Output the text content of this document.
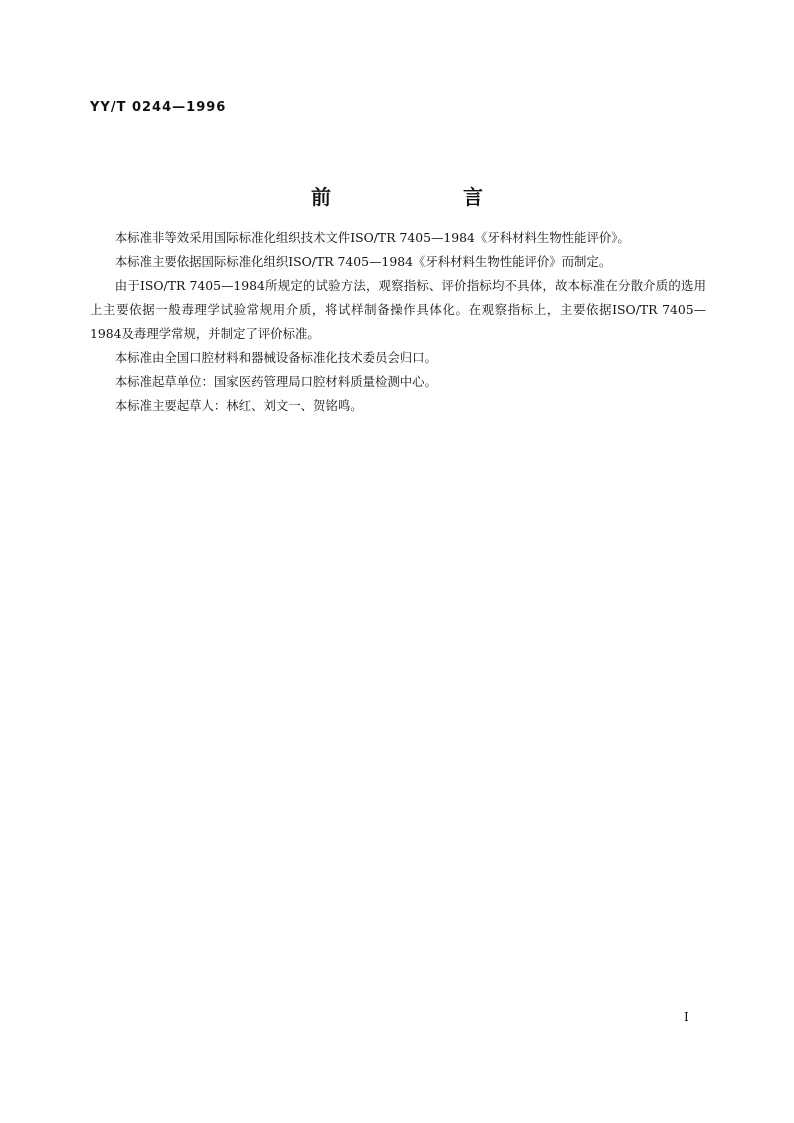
YY/T 0244—1996
前　言

本标准非等效采用国际标准化组织技术文件ISO/TR 7405—1984《牙科材料生物性能评价》。

本标准主要依据国际标准化组织ISO/TR 7405—1984《牙科材料生物性能评价》而制定。

由于ISO/TR 7405—1984所规定的试验方法，观察指标、评价指标均不具体，故本标准在分散介质的选用上主要依据一般毒理学试验常规用介质，将试样制备操作具体化。在观察指标上，主要依据ISO/TR 7405—1984及毒理学常规，并制定了评价标准。

本标准由全国口腔材料和器械设备标准化技术委员会归口。

本标准起草单位：国家医药管理局口腔材料质量检测中心。

本标准主要起草人：林红、刘文一、贺铭鸣。

I
